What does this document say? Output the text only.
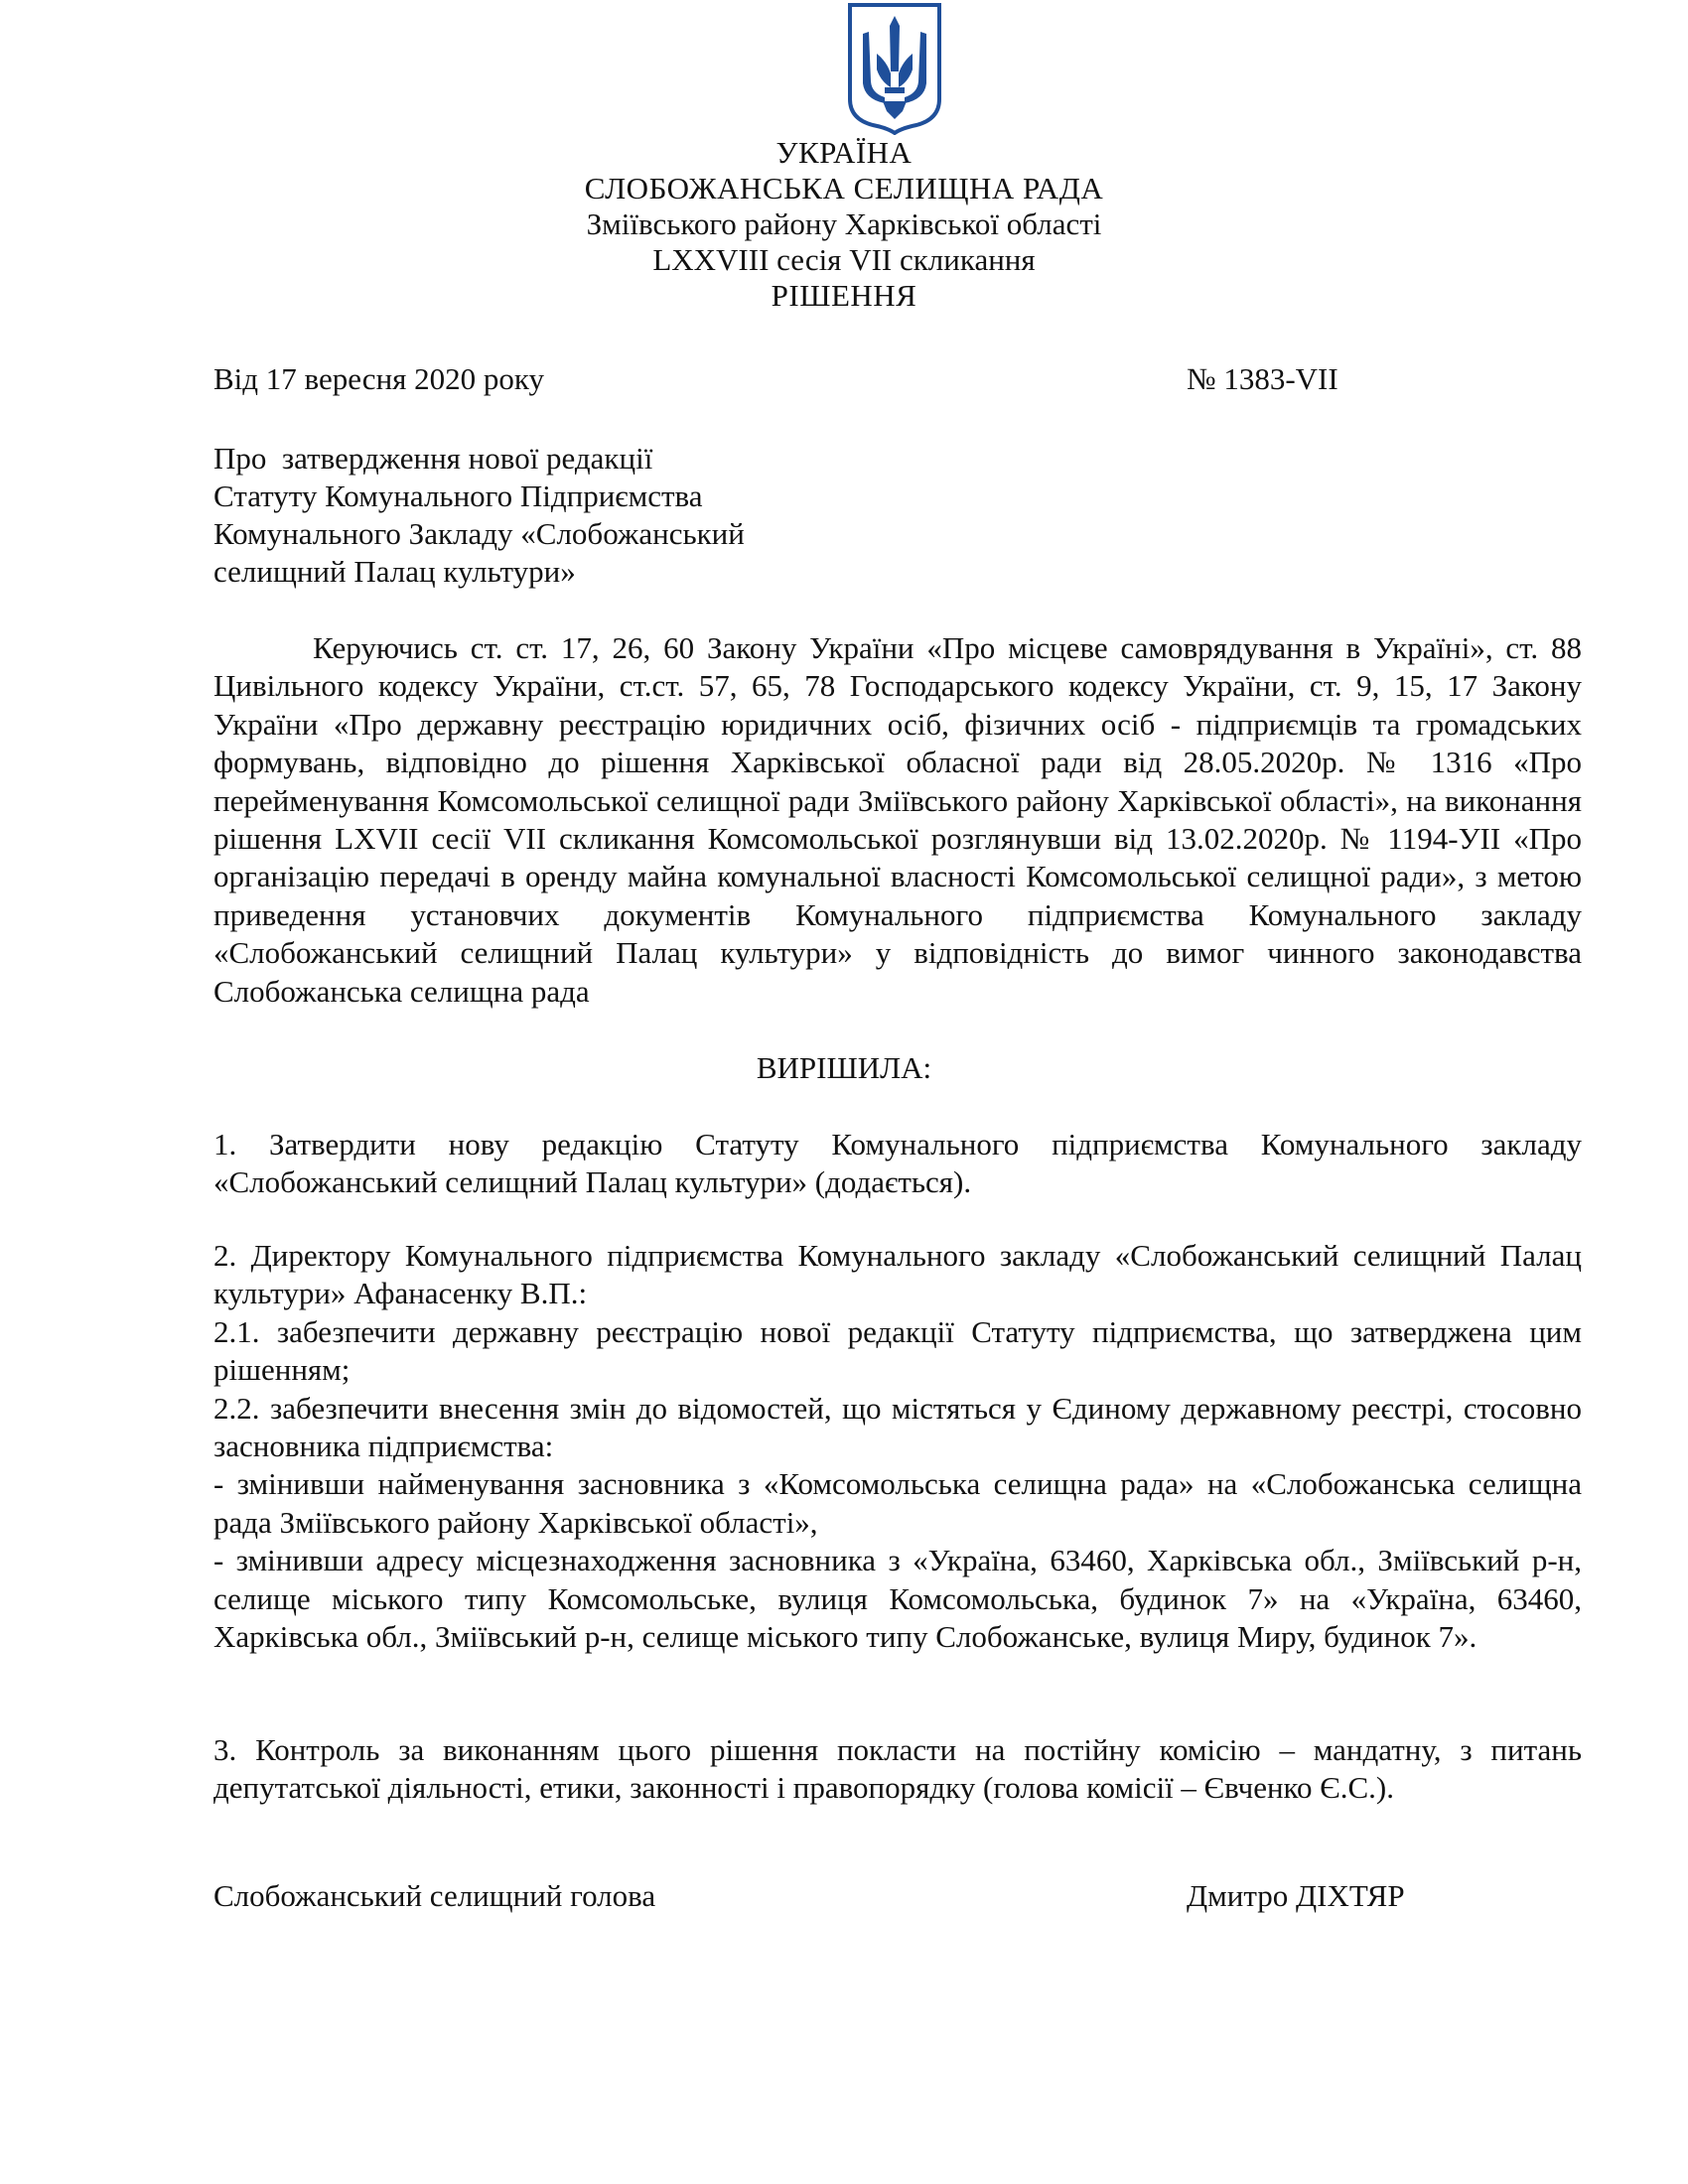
УКРАЇНА
СЛОБОЖАНСЬКА СЕЛИЩНА РАДА
Зміївського району Харківської області
LXXVIII сесія VII скликання
РІШЕННЯ
Від 17 вересня 2020 року	№ 1383-VII
Про  затвердження нової редакції
Статуту Комунального Підприємства
Комунального Закладу «Слобожанський
селищний Палац культури»
Керуючись ст. ст. 17, 26, 60 Закону України «Про місцеве самоврядування в Україні», ст. 88 Цивільного кодексу України, ст.ст. 57, 65, 78 Господарського кодексу України, ст. 9, 15, 17 Закону України «Про державну реєстрацію юридичних осіб, фізичних осіб - підприємців та громадських формувань, відповідно до рішення Харківської обласної ради від 28.05.2020р. № 1316 «Про перейменування Комсомольської селищної ради Зміївського району Харківської області», на виконання рішення LXVII сесії VII скликання Комсомольської розглянувши від 13.02.2020р. № 1194-УІІ «Про організацію передачі в оренду майна комунальної власності Комсомольської селищної ради», з метою приведення установчих документів Комунального підприємства Комунального закладу «Слобожанський селищний Палац культури» у відповідність до вимог чинного законодавства Слобожанська селищна рада
ВИРІШИЛА:
1. Затвердити нову редакцію Статуту Комунального підприємства Комунального закладу «Слобожанський селищний Палац культури» (додається).
2. Директору Комунального підприємства Комунального закладу «Слобожанський селищний Палац культури» Афанасенку В.П.:
2.1. забезпечити державну реєстрацію нової редакції Статуту підприємства, що затверджена цим рішенням;
2.2. забезпечити внесення змін до відомостей, що містяться у Єдиному державному реєстрі, стосовно засновника підприємства:
- змінивши найменування засновника з «Комсомольська селищна рада» на «Слобожанська селищна рада Зміївського району Харківської області»,
- змінивши адресу місцезнаходження засновника з «Україна, 63460, Харківська обл., Зміївський р-н, селище міського типу Комсомольське, вулиця Комсомольська, будинок 7» на «Україна, 63460, Харківська обл., Зміївський р-н, селище міського типу Слобожанське, вулиця Миру, будинок 7».
3. Контроль за виконанням цього рішення покласти на постійну комісію – мандатну, з питань депутатської діяльності, етики, законності і правопорядку (голова комісії – Євченко Є.С.).
Слобожанський селищний голова	Дмитро ДІХТЯР
